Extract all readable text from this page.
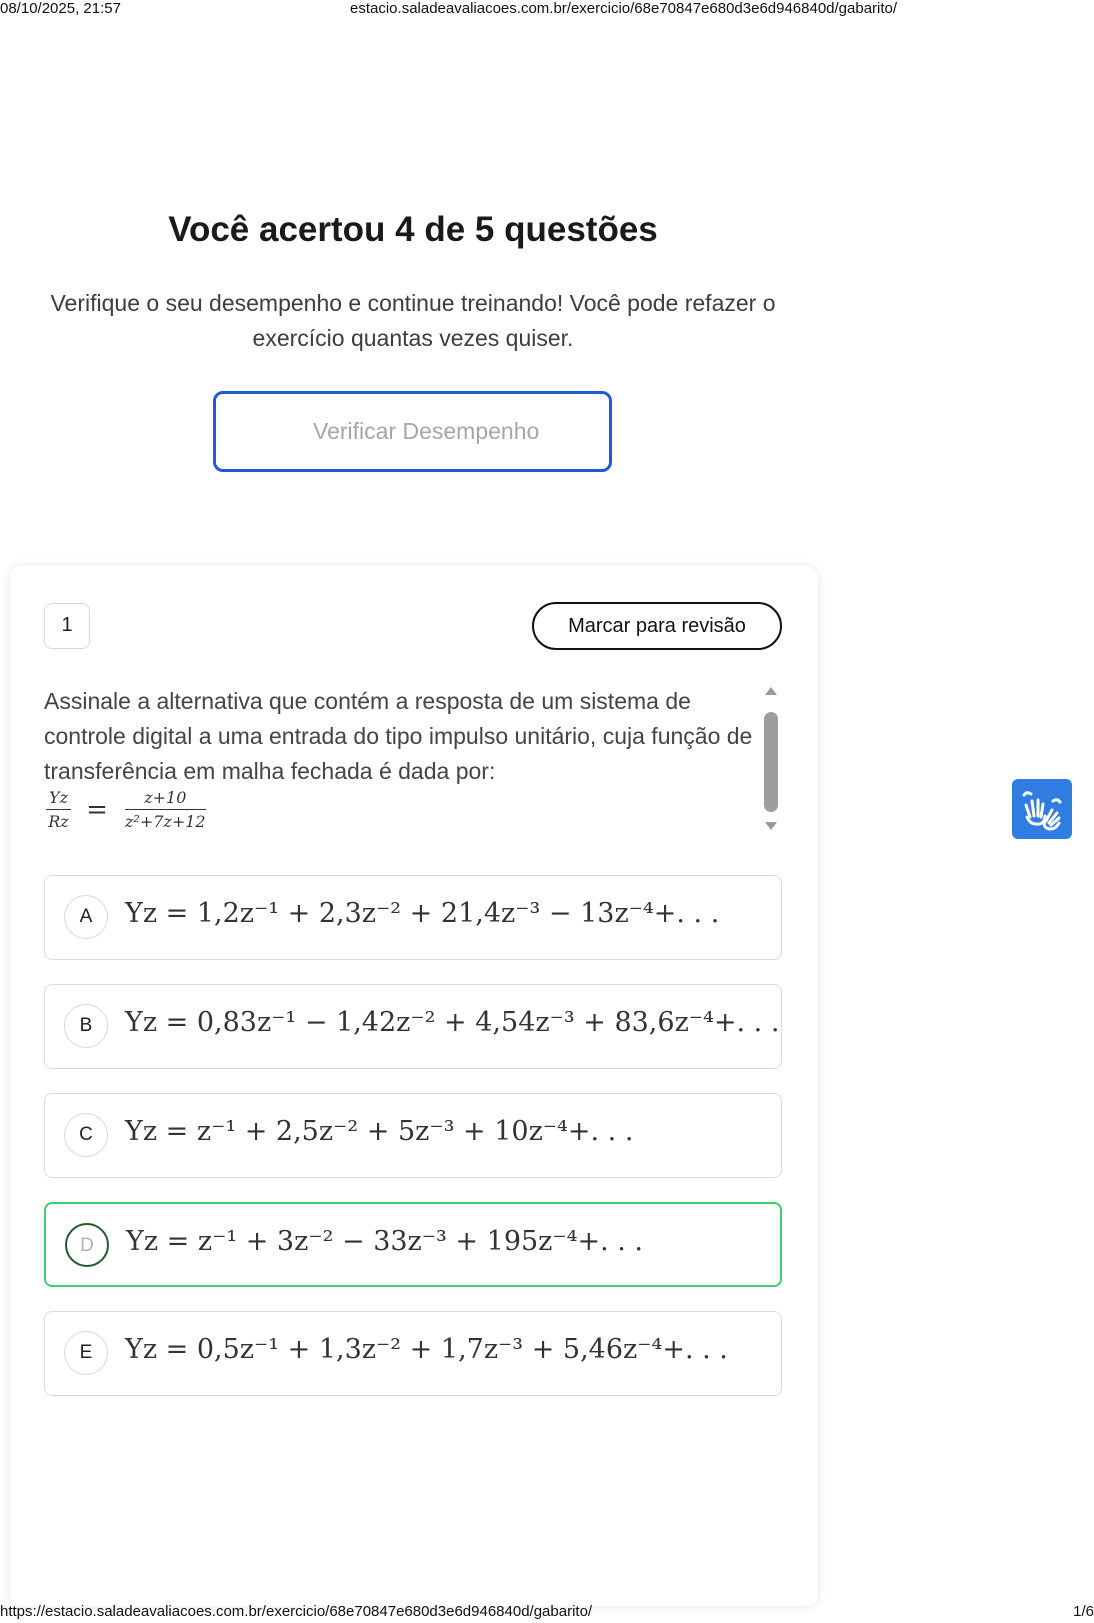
08/10/2025, 21:57	estacio.saladeavaliacoes.com.br/exercicio/68e70847e680d3e6d946840d/gabarito/
Você acertou 4 de 5 questões

Verifique o seu desempenho e continue treinando! Você pode refazer o exercício quantas vezes quiser.

Verificar Desempenho
1	Marcar para revisão

Assinale a alternativa que contém a resposta de um sistema de controle digital a uma entrada do tipo impulso unitário, cuja função de transferência em malha fechada é dada por:

$\frac{Yz}{Rz} = \frac{z+10}{\text{z²+7z+12}}$
A	Yz = 1,2z⁻¹ + 2,3z⁻² + 21,4z⁻³ − 13z⁻⁴+. . .
B	Yz = 0,83z⁻¹ − 1,42z⁻² + 4,54z⁻³ + 83,6z⁻⁴+. . .
C	Yz = z⁻¹ + 2,5z⁻² + 5z⁻³ + 10z⁻⁴+. . .
D	Yz = z⁻¹ + 3z⁻² − 33z⁻³ + 195z⁻⁴+. . .
E	Yz = 0,5z⁻¹ + 1,3z⁻² + 1,7z⁻³ + 5,46z⁻⁴+. . .
https://estacio.saladeavaliacoes.com.br/exercicio/68e70847e680d3e6d946840d/gabarito/	1/6
